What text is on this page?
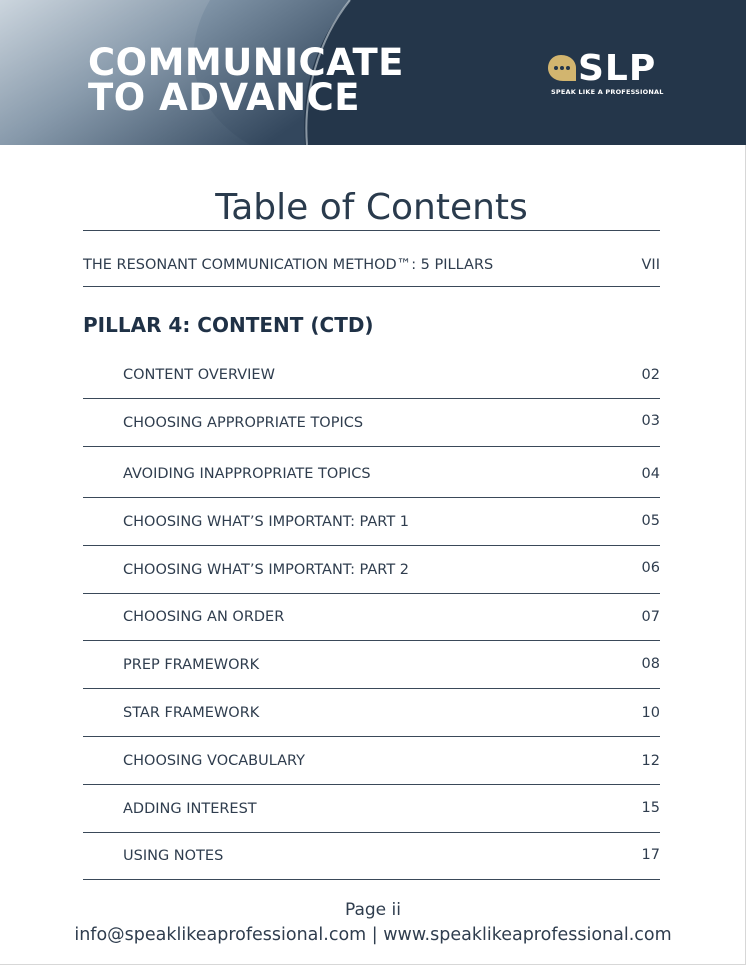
COMMUNICATE
TO ADVANCE
SLP
SPEAK LIKE A PROFESSIONAL
Table of Contents
THE RESONANT COMMUNICATION METHOD™: 5 PILLARS	VII
PILLAR 4: CONTENT (CTD)
CONTENT OVERVIEW	02
CHOOSING APPROPRIATE TOPICS	03
AVOIDING INAPPROPRIATE TOPICS	04
CHOOSING WHAT’S IMPORTANT: PART 1	05
CHOOSING WHAT’S IMPORTANT: PART 2	06
CHOOSING AN ORDER	07
PREP FRAMEWORK	08
STAR FRAMEWORK	10
CHOOSING VOCABULARY	12
ADDING INTEREST	15
USING NOTES	17
Page ii
info@speaklikeaprofessional.com | www.speaklikeaprofessional.com
